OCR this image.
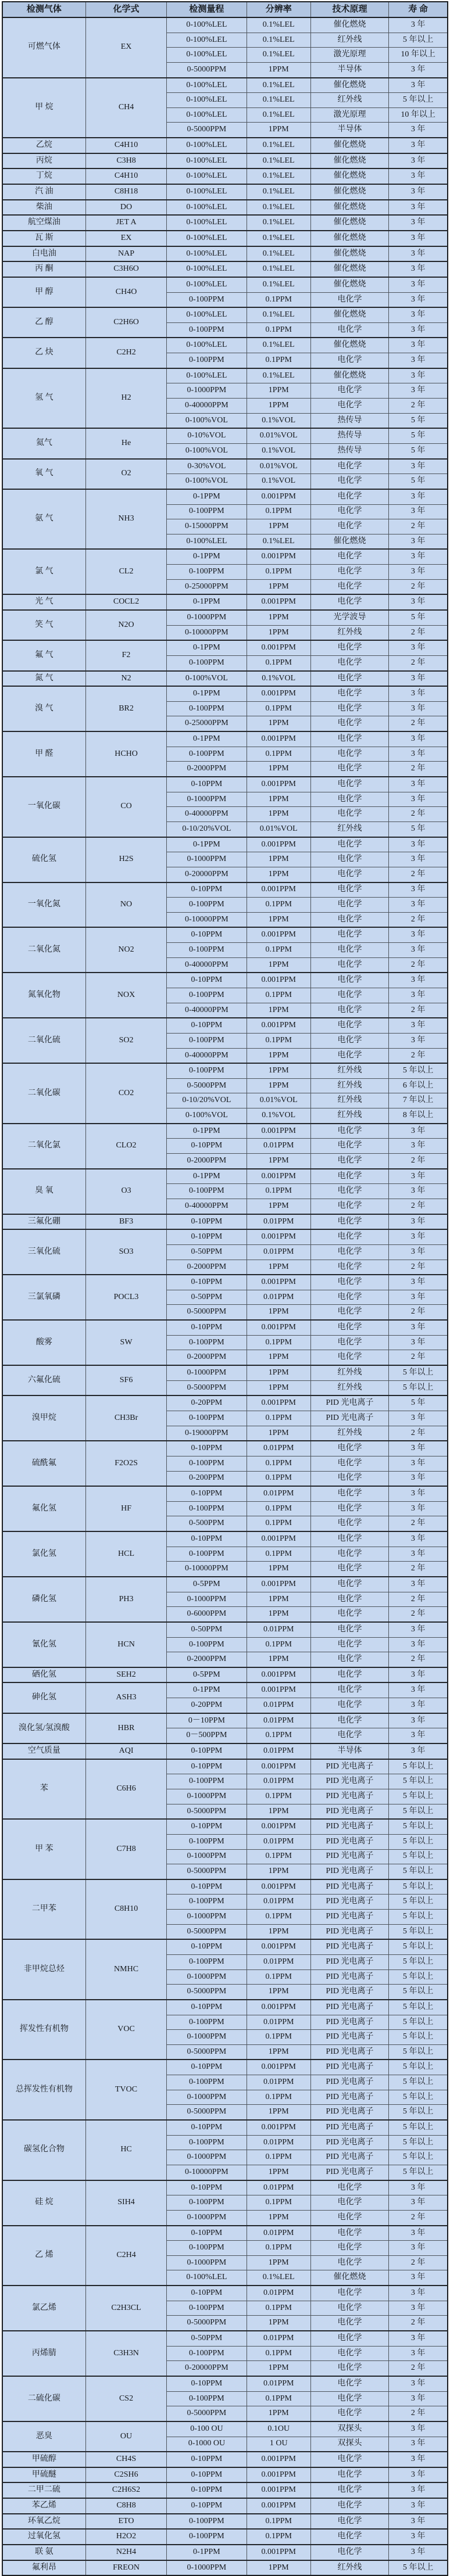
检测气体	化学式	检测量程	分辨率	技术原理	寿 命
可燃气体	EX	0-100%LEL	0.1%LEL	催化燃烧	3 年
		0-100%LEL	0.1%LEL	红外线	5 年以上
		0-100%LEL	0.1%LEL	激光原理	10 年以上
		0-5000PPM	1PPM	半导体	3 年
甲 烷	CH4	0-100%LEL	0.1%LEL	催化燃烧	3 年
		0-100%LEL	0.1%LEL	红外线	5 年以上
		0-100%LEL	0.1%LEL	激光原理	10 年以上
		0-5000PPM	1PPM	半导体	3 年
乙烷	C4H10	0-100%LEL	0.1%LEL	催化燃烧	3 年
丙烷	C3H8	0-100%LEL	0.1%LEL	催化燃烧	3 年
丁烷	C4H10	0-100%LEL	0.1%LEL	催化燃烧	3 年
汽 油	C8H18	0-100%LEL	0.1%LEL	催化燃烧	3 年
柴油	DO	0-100%LEL	0.1%LEL	催化燃烧	3 年
航空煤油	JET A	0-100%LEL	0.1%LEL	催化燃烧	3 年
瓦 斯	EX	0-100%LEL	0.1%LEL	催化燃烧	3 年
白电油	NAP	0-100%LEL	0.1%LEL	催化燃烧	3 年
丙 酮	C3H6O	0-100%LEL	0.1%LEL	催化燃烧	3 年
甲 醇	CH4O	0-100%LEL	0.1%LEL	催化燃烧	3 年
		0-100PPM	0.1PPM	电化学	3 年
乙 醇	C2H6O	0-100%LEL	0.1%LEL	催化燃烧	3 年
		0-100PPM	0.1PPM	电化学	3 年
乙 炔	C2H2	0-100%LEL	0.1%LEL	催化燃烧	3 年
		0-100PPM	0.1PPM	电化学	3 年
氢 气	H2	0-100%LEL	0.1%LEL	催化燃烧	3 年
		0-1000PPM	1PPM	电化学	3 年
		0-40000PPM	1PPM	电化学	2 年
		0-100%VOL	0.1%VOL	热传导	5 年
氦气	He	0-10%VOL	0.01%VOL	热传导	5 年
		0-100%VOL	0.1%VOL	热传导	5 年
氧 气	O2	0-30%VOL	0.01%VOL	电化学	3 年
		0-100%VOL	0.1%VOL	电化学	5 年
氨 气	NH3	0-1PPM	0.001PPM	电化学	3 年
		0-100PPM	0.1PPM	电化学	3 年
		0-15000PPM	1PPM	电化学	2 年
		0-100%LEL	0.1%LEL	催化燃烧	3 年
氯 气	CL2	0-1PPM	0.001PPM	电化学	3 年
		0-100PPM	0.1PPM	电化学	3 年
		0-25000PPM	1PPM	电化学	2 年
光 气	COCL2	0-1PPM	0.001PPM	电化学	3 年
笑 气	N2O	0-1000PPM	1PPM	光学波导	5 年
		0-10000PPM	1PPM	红外线	2 年
氟 气	F2	0-1PPM	0.001PPM	电化学	3 年
		0-100PPM	0.1PPM	电化学	2 年
氮 气	N2	0-100%VOL	0.1%VOL	电化学	3 年
溴 气	BR2	0-1PPM	0.001PPM	电化学	3 年
		0-100PPM	0.1PPM	电化学	3 年
		0-25000PPM	1PPM	电化学	2 年
甲 醛	HCHO	0-1PPM	0.001PPM	电化学	3 年
		0-100PPM	0.1PPM	电化学	3 年
		0-2000PPM	1PPM	电化学	2 年
一氧化碳	CO	0-10PPM	0.001PPM	电化学	3 年
		0-1000PPM	1PPM	电化学	3 年
		0-40000PPM	1PPM	电化学	2 年
		0-10/20%VOL	0.01%VOL	红外线	5 年
硫化氢	H2S	0-1PPM	0.001PPM	电化学	3 年
		0-1000PPM	1PPM	电化学	3 年
		0-20000PPM	1PPM	电化学	2 年
一氧化氮	NO	0-10PPM	0.001PPM	电化学	3 年
		0-100PPM	0.1PPM	电化学	3 年
		0-10000PPM	1PPM	电化学	2 年
二氧化氮	NO2	0-10PPM	0.001PPM	电化学	3 年
		0-100PPM	0.1PPM	电化学	3 年
		0-40000PPM	1PPM	电化学	2 年
氮氧化物	NOX	0-10PPM	0.001PPM	电化学	3 年
		0-100PPM	0.1PPM	电化学	3 年
		0-40000PPM	1PPM	电化学	2 年
二氧化硫	SO2	0-10PPM	0.001PPM	电化学	3 年
		0-100PPM	0.1PPM	电化学	3 年
		0-40000PPM	1PPM	电化学	2 年
二氧化碳	CO2	0-100PPM	1PPM	红外线	5 年以上
		0-5000PPM	1PPM	红外线	6 年以上
		0-10/20%VOL	0.01%VOL	红外线	7 年以上
		0-100%VOL	0.1%VOL	红外线	8 年以上
二氧化氯	CLO2	0-1PPM	0.001PPM	电化学	3 年
		0-10PPM	0.01PPM	电化学	3 年
		0-2000PPM	1PPM	电化学	2 年
臭 氧	O3	0-1PPM	0.001PPM	电化学	3 年
		0-100PPM	0.1PPM	电化学	3 年
		0-40000PPM	1PPM	电化学	2 年
三氟化硼	BF3	0-10PPM	0.01PPM	电化学	3 年
三氧化硫	SO3	0-10PPM	0.001PPM	电化学	3 年
		0-50PPM	0.01PPM	电化学	3 年
		0-2000PPM	1PPM	电化学	2 年
三氯氧磷	POCL3	0-10PPM	0.001PPM	电化学	3 年
		0-50PPM	0.01PPM	电化学	3 年
		0-5000PPM	1PPM	电化学	2 年
酸雾	SW	0-10PPM	0.001PPM	电化学	3 年
		0-100PPM	0.1PPM	电化学	3 年
		0-2000PPM	1PPM	电化学	2 年
六氟化硫	SF6	0-1000PPM	1PPM	红外线	5 年以上
		0-5000PPM	1PPM	红外线	5 年以上
溴甲烷	CH3Br	0-20PPM	0.001PPM	PID 光电离子	5 年
		0-100PPM	0.1PPM	PID 光电离子	3 年
		0-19000PPM	1PPM	红外线	2 年
硫酰氟	F2O2S	0-10PPM	0.01PPM	电化学	3 年
		0-100PPM	0.1PPM	电化学	3 年
		0-200PPM	0.1PPM	电化学	3 年
氟化氢	HF	0-10PPM	0.01PPM	电化学	3 年
		0-100PPM	0.1PPM	电化学	3 年
		0-500PPM	0.1PPM	电化学	2 年
氯化氢	HCL	0-10PPM	0.001PPM	电化学	3 年
		0-100PPM	0.1PPM	电化学	3 年
		0-10000PPM	1PPM	电化学	2 年
磷化氢	PH3	0-5PPM	0.001PPM	电化学	3 年
		0-1000PPM	1PPM	电化学	2 年
		0-6000PPM	1PPM	电化学	2 年
氰化氢	HCN	0-50PPM	0.01PPM	电化学	3 年
		0-100PPM	0.1PPM	电化学	3 年
		0-2000PPM	1PPM	电化学	2 年
硒化氢	SEH2	0-5PPM	0.001PPM	电化学	3 年
砷化氢	ASH3	0-1PPM	0.001PPM	电化学	3 年
		0-20PPM	0.01PPM	电化学	3 年
溴化氢/氢溴酸	HBR	0－10PPM	0.01PPM	电化学	3 年
		0－500PPM	0.1PPM	电化学	3 年
空气质量	AQI	0-10PPM	0.01PPM	半导体	3 年
苯	C6H6	0-10PPM	0.001PPM	PID 光电离子	5 年以上
		0-100PPM	0.01PPM	PID 光电离子	5 年以上
		0-1000PPM	0.1PPM	PID 光电离子	5 年以上
		0-5000PPM	1PPM	PID 光电离子	5 年以上
甲 苯	C7H8	0-10PPM	0.001PPM	PID 光电离子	5 年以上
		0-100PPM	0.01PPM	PID 光电离子	5 年以上
		0-1000PPM	0.1PPM	PID 光电离子	5 年以上
		0-5000PPM	1PPM	PID 光电离子	5 年以上
二甲苯	C8H10	0-10PPM	0.001PPM	PID 光电离子	5 年以上
		0-100PPM	0.01PPM	PID 光电离子	5 年以上
		0-1000PPM	0.1PPM	PID 光电离子	5 年以上
		0-5000PPM	1PPM	PID 光电离子	5 年以上
非甲烷总烃	NMHC	0-10PPM	0.001PPM	PID 光电离子	5 年以上
		0-100PPM	0.01PPM	PID 光电离子	5 年以上
		0-1000PPM	0.1PPM	PID 光电离子	5 年以上
		0-5000PPM	1PPM	PID 光电离子	5 年以上
挥发性有机物	VOC	0-10PPM	0.001PPM	PID 光电离子	5 年以上
		0-100PPM	0.01PPM	PID 光电离子	5 年以上
		0-1000PPM	0.1PPM	PID 光电离子	5 年以上
		0-5000PPM	1PPM	PID 光电离子	5 年以上
总挥发性有机物	TVOC	0-10PPM	0.001PPM	PID 光电离子	5 年以上
		0-100PPM	0.01PPM	PID 光电离子	5 年以上
		0-1000PPM	0.1PPM	PID 光电离子	5 年以上
		0-5000PPM	1PPM	PID 光电离子	5 年以上
碳氢化合物	HC	0-10PPM	0.001PPM	PID 光电离子	5 年以上
		0-100PPM	0.01PPM	PID 光电离子	5 年以上
		0-1000PPM	0.1PPM	PID 光电离子	5 年以上
		0-10000PPM	1PPM	PID 光电离子	5 年以上
硅 烷	SIH4	0-10PPM	0.01PPM	电化学	3 年
		0-100PPM	0.1PPM	电化学	3 年
		0-1000PPM	1PPM	电化学	2 年
乙 烯	C2H4	0-10PPM	0.01PPM	电化学	3 年
		0-100PPM	0.1PPM	电化学	3 年
		0-1000PPM	1PPM	电化学	2 年
		0-100%LEL	0.1%LEL	催化燃烧	3 年
氯乙烯	C2H3CL	0-10PPM	0.01PPM	电化学	3 年
		0-100PPM	0.1PPM	电化学	3 年
		0-5000PPM	1PPM	电化学	2 年
丙烯腈	C3H3N	0-50PPM	0.01PPM	电化学	3 年
		0-100PPM	0.1PPM	电化学	3 年
		0-20000PPM	1PPM	电化学	2 年
二硫化碳	CS2	0-10PPM	0.01PPM	电化学	3 年
		0-100PPM	0.1PPM	电化学	3 年
		0-5000PPM	1PPM	电化学	2 年
恶臭	OU	0-100 OU	0.1OU	双探头	3 年
		0-1000 OU	1 OU	双探头	3 年
甲硫醇	CH4S	0-10PPM	0.001PPM	电化学	3 年
甲硫醚	C2SH6	0-10PPM	0.001PPM	电化学	3 年
二甲二硫	C2H6S2	0-10PPM	0.001PPM	电化学	3 年
苯乙烯	C8H8	0-10PPM	0.001PPM	电化学	3 年
环氧乙烷	ETO	0-100PPM	0.1PPM	电化学	3 年
过氧化氢	H2O2	0-100PPM	0.1PPM	电化学	3 年
联 氨	N2H4	0-1PPM	0.001PPM	电化学	3 年
氟利昂	FREON	0-1000PPM	1PPM	红外线	5 年以上
